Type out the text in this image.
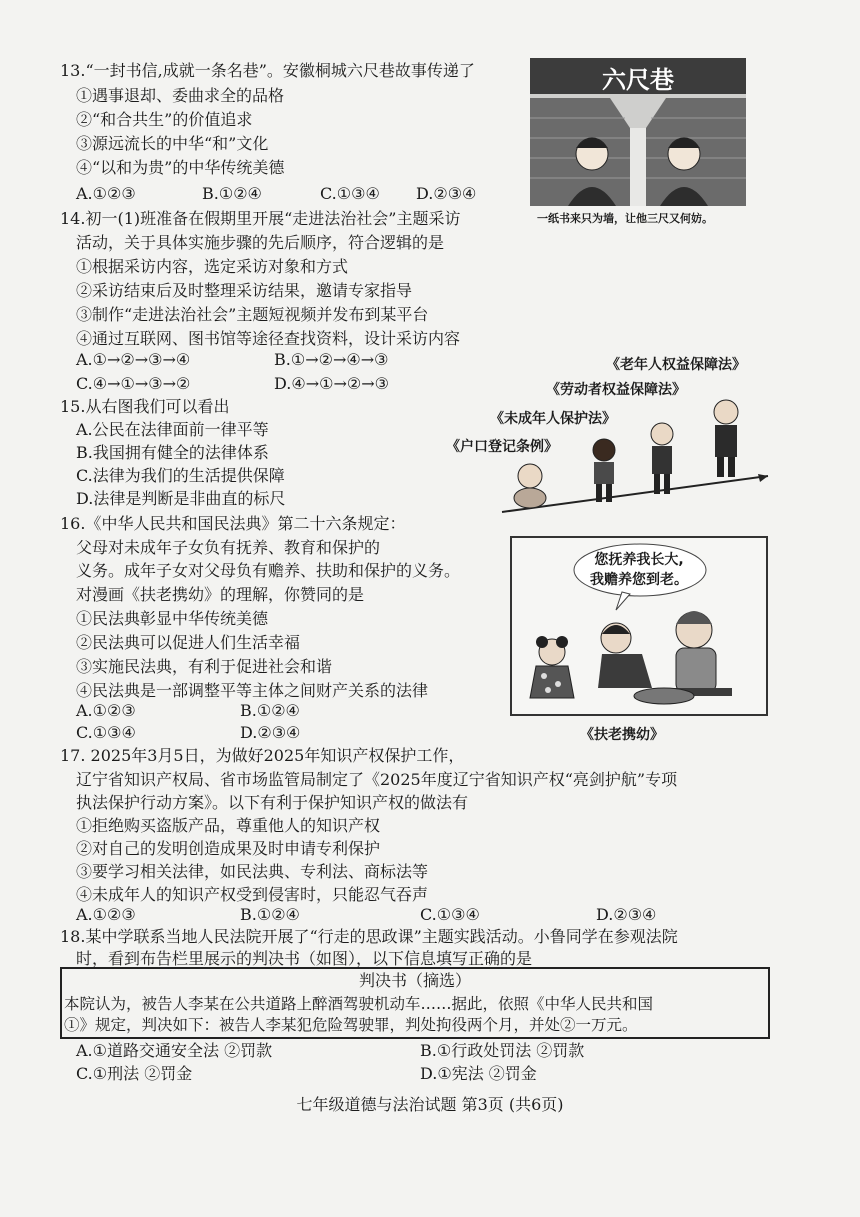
13.“一封书信,成就一条名巷”。安徽桐城六尺巷故事传递了
①遇事退却、委曲求全的品格
②“和合共生”的价值追求
③源远流长的中华“和”文化
④“以和为贵”的中华传统美德
A.①②③	B.①②④	C.①③④ D.②③④
六尺巷
一纸书来只为墙，让他三尺又何妨。
14.初一(1)班准备在假期里开展“走进法治社会”主题采访
活动，关于具体实施步骤的先后顺序，符合逻辑的是
①根据采访内容，选定采访对象和方式
②采访结束后及时整理采访结果，邀请专家指导
③制作“走进法治社会”主题短视频并发布到某平台
④通过互联网、图书馆等途径查找资料，设计采访内容
A.①→②→③→④	B.①→②→④→③
C.④→①→③→②	D.④→①→②→③
15.从右图我们可以看出
A.公民在法律面前一律平等
B.我国拥有健全的法律体系
C.法律为我们的生活提供保障
D.法律是判断是非曲直的标尺
《老年人权益保障法》
《劳动者权益保障法》
《未成年人保护法》
《户口登记条例》
16.《中华人民共和国民法典》第二十六条规定：
父母对未成年子女负有抚养、教育和保护的
义务。成年子女对父母负有赡养、扶助和保护的义务。
对漫画《扶老携幼》的理解，你赞同的是
①民法典彰显中华传统美德
②民法典可以促进人们生活幸福
③实施民法典，有利于促进社会和谐
④民法典是一部调整平等主体之间财产关系的法律
A.①②③	B.①②④
C.①③④	D.②③④
您抚养我长大,
我赡养您到老。
《扶老携幼》
17. 2025年3月5日，为做好2025年知识产权保护工作，
辽宁省知识产权局、省市场监管局制定了《2025年度辽宁省知识产权“亮剑护航”专项
执法保护行动方案》。以下有利于保护知识产权的做法有
①拒绝购买盗版产品，尊重他人的知识产权
②对自己的发明创造成果及时申请专利保护
③要学习相关法律，如民法典、专利法、商标法等
④未成年人的知识产权受到侵害时，只能忍气吞声
A.①②③	B.①②④	C.①③④	D.②③④
18.某中学联系当地人民法院开展了“行走的思政课”主题实践活动。小鲁同学在参观法院
时，看到布告栏里展示的判决书（如图），以下信息填写正确的是
判决书（摘选）
本院认为，被告人李某在公共道路上醉酒驾驶机动车……据此，依照《中华人民共和国
①》规定，判决如下：被告人李某犯危险驾驶罪，判处拘役两个月，并处②一万元。
A.①道路交通安全法 ②罚款	B.①行政处罚法 ②罚款
C.①刑法 ②罚金	D.①宪法 ②罚金
七年级道德与法治试题 第3页 (共6页)
